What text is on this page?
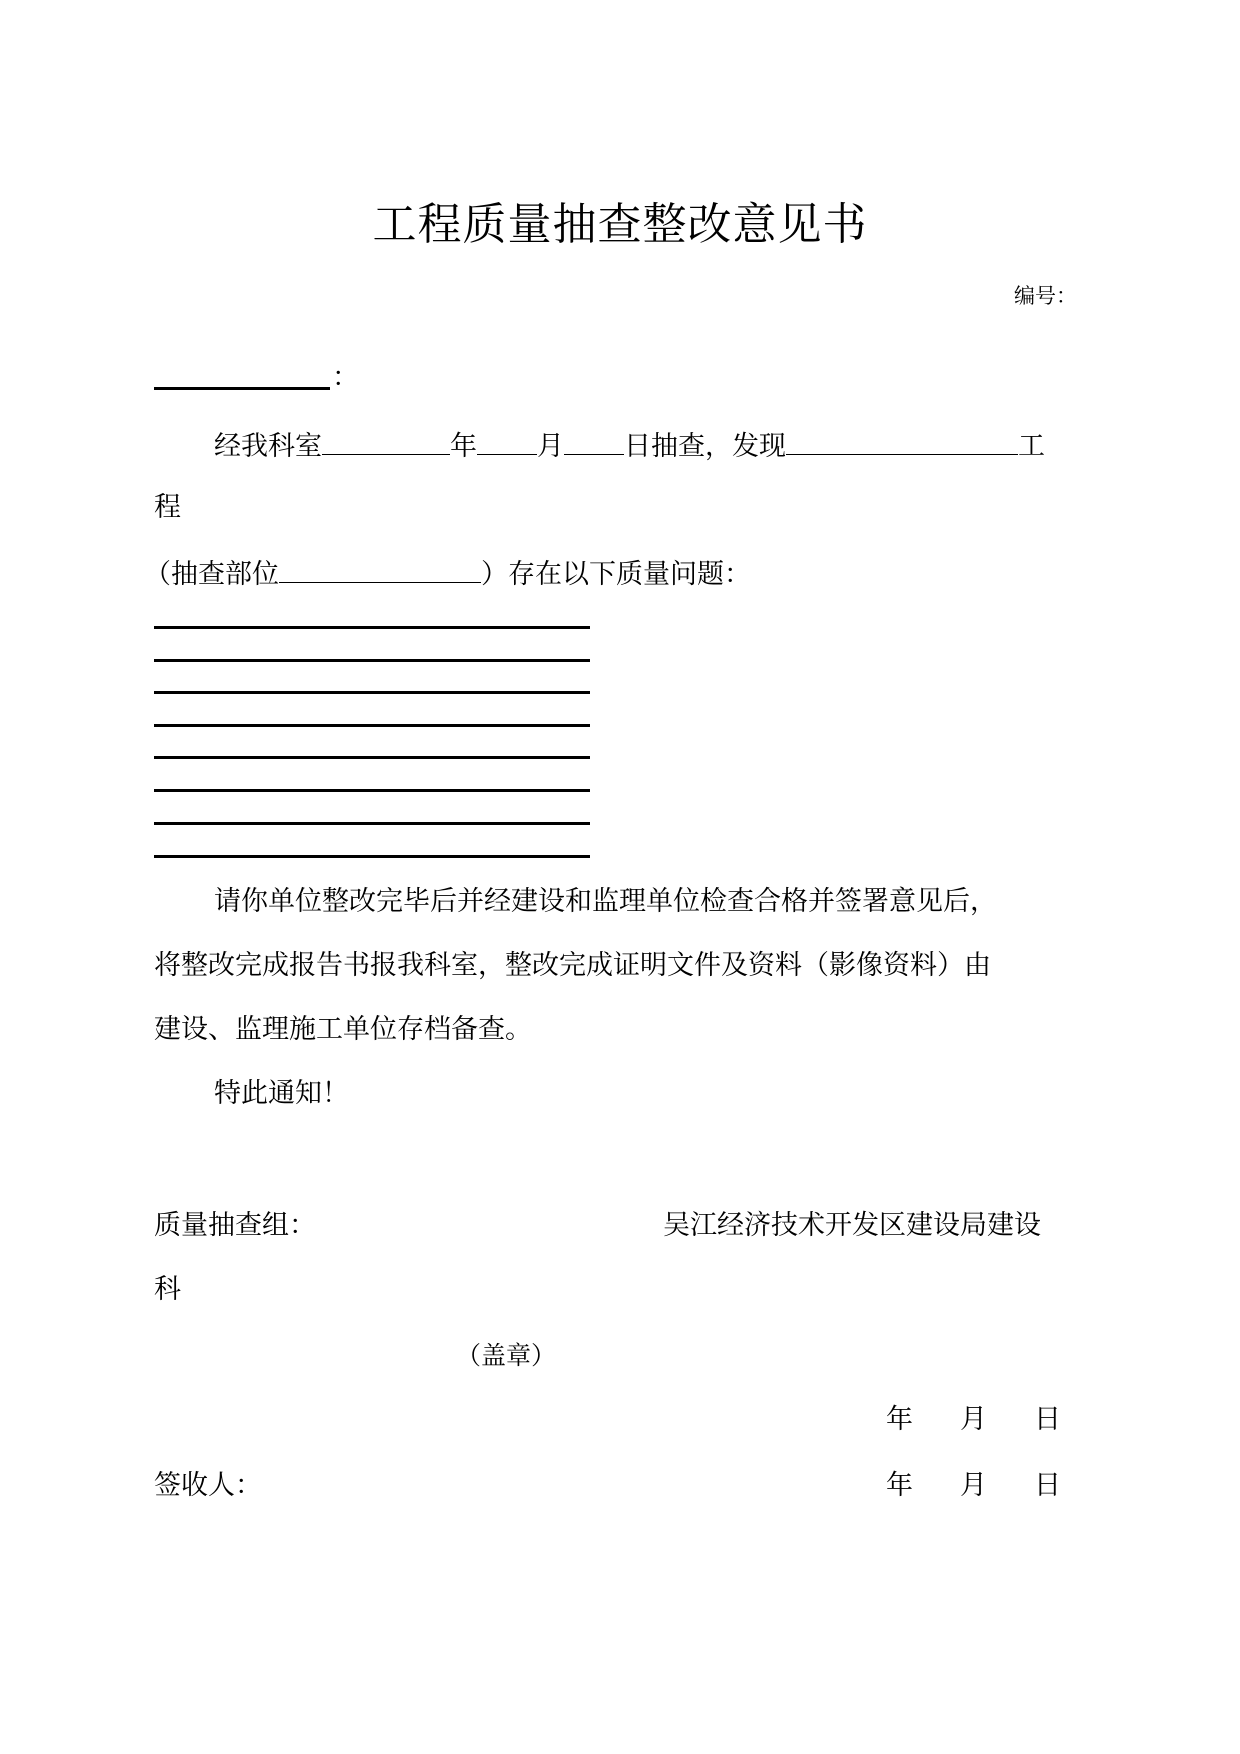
工程质量抽查整改意见书
编号：
：
经我科室	年 月 日抽查，发现	工
程
（抽查部位	）存在以下质量问题：
请你单位整改完毕后并经建设和监理单位检查合格并签署意见后，
将整改完成报告书报我科室，整改完成证明文件及资料（影像资料）由
建设、监理施工单位存档备查。
特此通知！
质量抽查组：	吴江经济技术开发区建设局建设
科
（盖章）
年 月 日
签收人：	年 月 日
